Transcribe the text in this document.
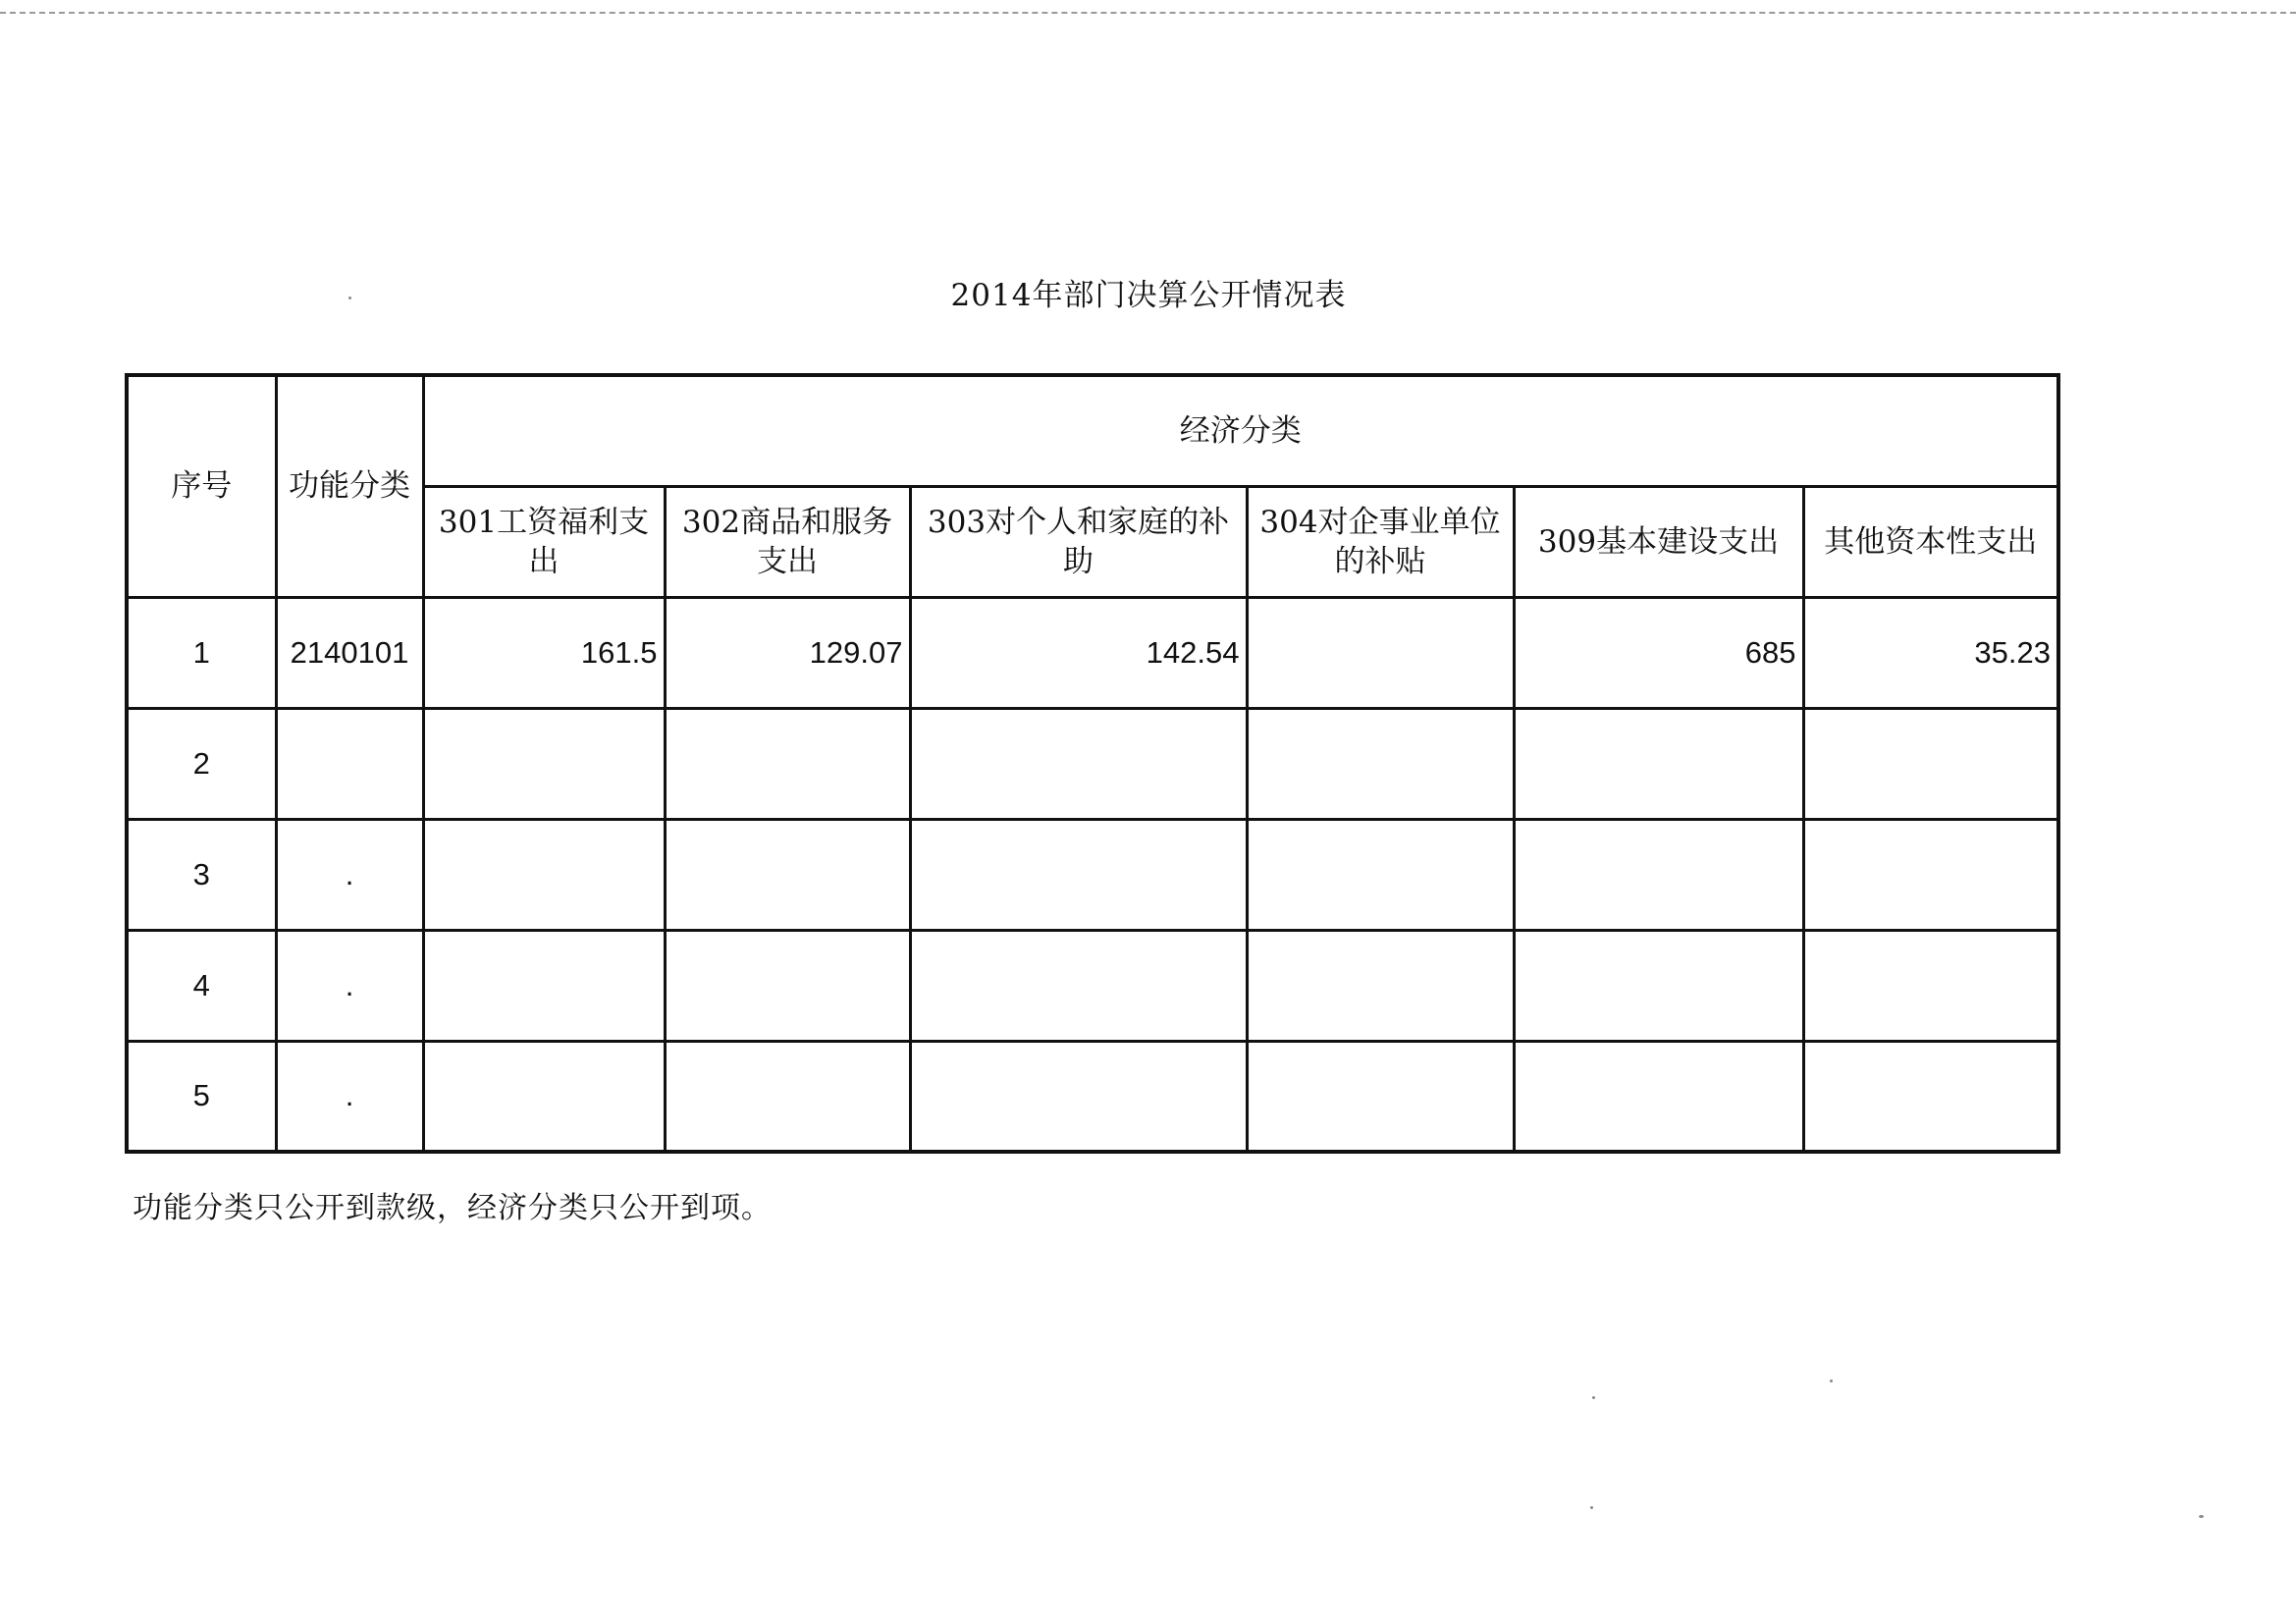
2014年部门决算公开情况表
序号	功能分类	经济分类					
		301工资福利支出	302商品和服务支出	303对个人和家庭的补助	304对企事业单位的补贴	309基本建设支出	其他资本性支出
1	2140101	161.5	129.07	142.54		685	35.23
2							
3	.						
4	.						
5	.						
功能分类只公开到款级，经济分类只公开到项。
